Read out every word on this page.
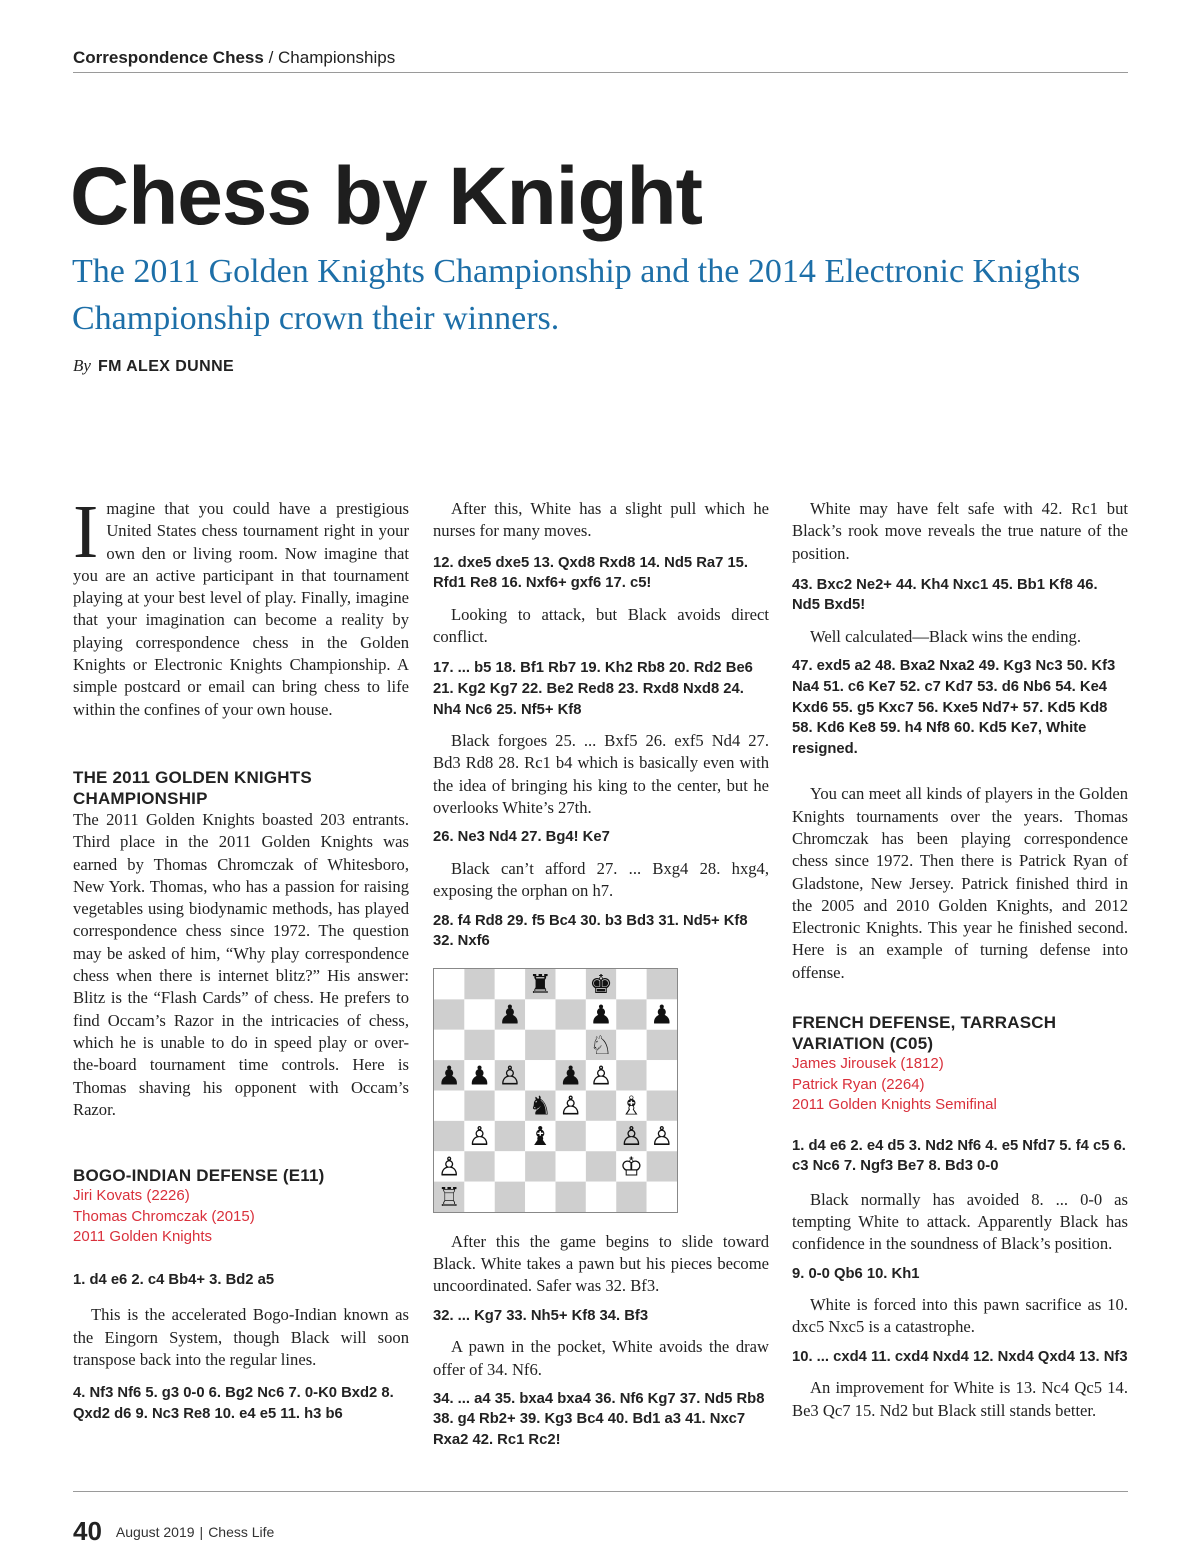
Correspondence Chess / Championships
Chess by Knight
The 2011 Golden Knights Championship and the 2014 Electronic Knights Championship crown their winners.
By FM ALEX DUNNE

Imagine that you could have a prestigious United States chess tournament right in your own den or living room. Now imagine that you are an active participant in that tournament playing at your best level of play. Finally, imagine that your imagination can become a reality by playing correspondence chess in the Golden Knights or Electronic Knights Championship. A simple postcard or email can bring chess to life within the confines of your own house.

THE 2011 GOLDEN KNIGHTS CHAMPIONSHIP

The 2011 Golden Knights boasted 203 entrants. Third place in the 2011 Golden Knights was earned by Thomas Chromczak of Whitesboro, New York. Thomas, who has a passion for raising vegetables using biodynamic methods, has played correspondence chess since 1972. The question may be asked of him, “Why play correspondence chess when there is internet blitz?” His answer: Blitz is the “Flash Cards” of chess. He prefers to find Occam’s Razor in the intricacies of chess, which he is unable to do in speed play or over-the-board tournament time controls. Here is Thomas shaving his opponent with Occam’s Razor.

BOGO-INDIAN DEFENSE (E11)

Jiri Kovats (2226)

Thomas Chromczak (2015)

2011 Golden Knights

1. d4 e6 2. c4 Bb4+ 3. Bd2 a5

This is the accelerated Bogo-Indian known as the Eingorn System, though Black will soon transpose back into the regular lines.

4. Nf3 Nf6 5. g3 0-0 6. Bg2 Nc6 7. 0-K0 Bxd2 8. Qxd2 d6 9. Nc3 Re8 10. e4 e5 11. h3 b6

After this, White has a slight pull which he nurses for many moves.

12. dxe5 dxe5 13. Qxd8 Rxd8 14. Nd5 Ra7 15. Rfd1 Re8 16. Nxf6+ gxf6 17. c5!

Looking to attack, but Black avoids direct conflict.

17. ... b5 18. Bf1 Rb7 19. Kh2 Rb8 20. Rd2 Be6 21. Kg2 Kg7 22. Be2 Red8 23. Rxd8 Nxd8 24. Nh4 Nc6 25. Nf5+ Kf8

Black forgoes 25. ... Bxf5 26. exf5 Nd4 27. Bd3 Rd8 28. Rc1 b4 which is basically even with the idea of bringing his king to the center, but he overlooks White’s 27th.

26. Ne3 Nd4 27. Bg4! Ke7

Black can’t afford 27. ... Bxg4 28. hxg4, exposing the orphan on h7.

28. f4 Rd8 29. f5 Bc4 30. b3 Bd3 31. Nd5+ Kf8 32. Nxf6

♜ ♚
♟	♟ ♟
♘
♟ ♟ ♙ ♟ ♙
♞ ♙ ♗
♙ ♝	♙ ♙
♙	♔
♖

After this the game begins to slide toward Black. White takes a pawn but his pieces become uncoordinated. Safer was 32. Bf3.

32. ... Kg7 33. Nh5+ Kf8 34. Bf3

A pawn in the pocket, White avoids the draw offer of 34. Nf6.

34. ... a4 35. bxa4 bxa4 36. Nf6 Kg7 37. Nd5 Rb8 38. g4 Rb2+ 39. Kg3 Bc4 40. Bd1 a3 41. Nxc7 Rxa2 42. Rc1 Rc2!

White may have felt safe with 42. Rc1 but Black’s rook move reveals the true nature of the position.

43. Bxc2 Ne2+ 44. Kh4 Nxc1 45. Bb1 Kf8 46. Nd5 Bxd5!

Well calculated—Black wins the ending.

47. exd5 a2 48. Bxa2 Nxa2 49. Kg3 Nc3 50. Kf3 Na4 51. c6 Ke7 52. c7 Kd7 53. d6 Nb6 54. Ke4 Kxd6 55. g5 Kxc7 56. Kxe5 Nd7+ 57. Kd5 Kd8 58. Kd6 Ke8 59. h4 Nf8 60. Kd5 Ke7, White resigned.

You can meet all kinds of players in the Golden Knights tournaments over the years. Thomas Chromczak has been playing correspondence chess since 1972. Then there is Patrick Ryan of Gladstone, New Jersey. Patrick finished third in the 2005 and 2010 Golden Knights, and 2012 Electronic Knights. This year he finished second. Here is an example of turning defense into offense.

FRENCH DEFENSE, TARRASCH VARIATION (C05)

James Jirousek (1812)

Patrick Ryan (2264)

2011 Golden Knights Semifinal

1. d4 e6 2. e4 d5 3. Nd2 Nf6 4. e5 Nfd7 5. f4 c5 6. c3 Nc6 7. Ngf3 Be7 8. Bd3 0-0

Black normally has avoided 8. ... 0-0 as tempting White to attack. Apparently Black has confidence in the soundness of Black’s position.

9. 0-0 Qb6 10. Kh1

White is forced into this pawn sacrifice as 10. dxc5 Nxc5 is a catastrophe.

10. ... cxd4 11. cxd4 Nxd4 12. Nxd4 Qxd4 13. Nf3

An improvement for White is 13. Nc4 Qc5 14. Be3 Qc7 15. Nd2 but Black still stands better.

40 August 2019 | Chess Life
